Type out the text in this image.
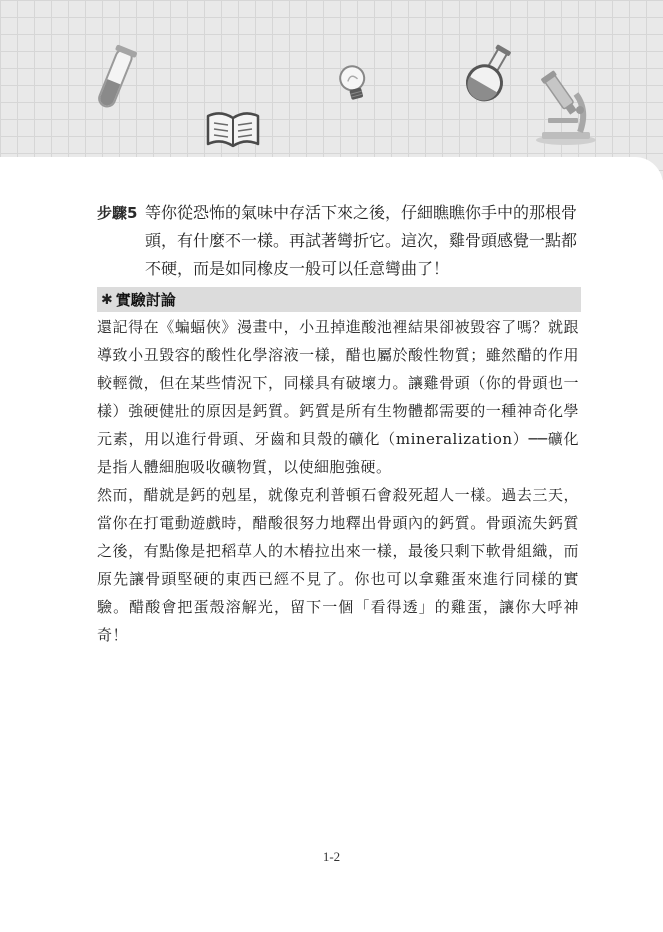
步驟5 等你從恐怖的氣味中存活下來之後，仔細瞧瞧你手中的那根骨頭，有什麼不一樣。再試著彎折它。這次，雞骨頭感覺一點都不硬，而是如同橡皮一般可以任意彎曲了！
✱ 實驗討論

還記得在《蝙蝠俠》漫畫中，小丑掉進酸池裡結果卻被毀容了嗎？就跟導致小丑毀容的酸性化學溶液一樣，醋也屬於酸性物質；雖然醋的作用較輕微，但在某些情況下，同樣具有破壞力。讓雞骨頭（你的骨頭也一樣）強硬健壯的原因是鈣質。鈣質是所有生物體都需要的一種神奇化學元素，用以進行骨頭、牙齒和貝殼的礦化（mineralization）──礦化是指人體細胞吸收礦物質，以使細胞強硬。

然而，醋就是鈣的剋星，就像克利普頓石會殺死超人一樣。過去三天，當你在打電動遊戲時，醋酸很努力地釋出骨頭內的鈣質。骨頭流失鈣質之後，有點像是把稻草人的木樁拉出來一樣，最後只剩下軟骨組織，而原先讓骨頭堅硬的東西已經不見了。你也可以拿雞蛋來進行同樣的實驗。醋酸會把蛋殼溶解光，留下一個「看得透」的雞蛋，讓你大呼神奇！

1-2
